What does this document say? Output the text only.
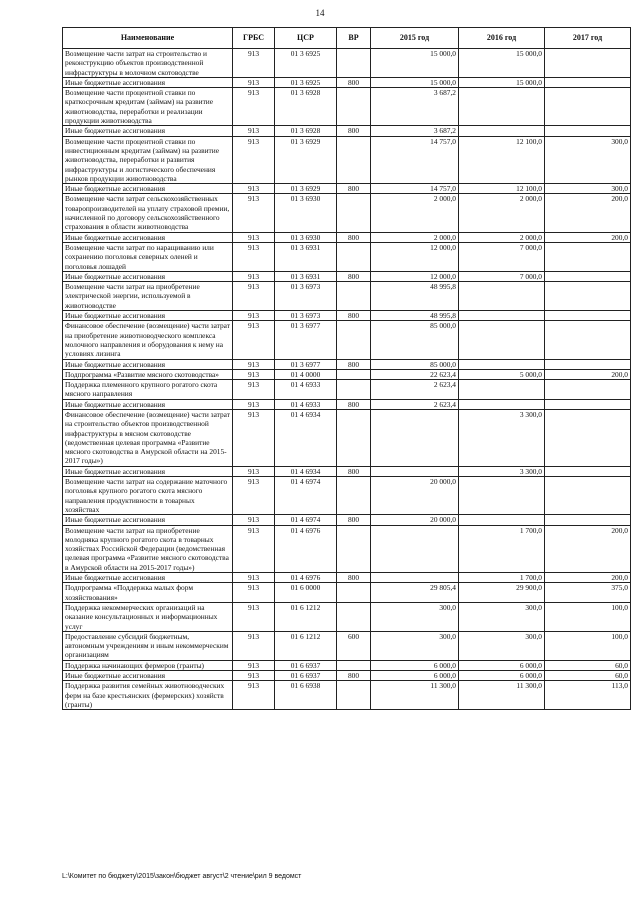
14
Наименование	ГРБС	ЦСР	ВР	2015 год	2016 год	2017 год
Возмещение части затрат на строительство и реконструкцию объектов производственной инфраструктуры в молочном скотоводстве	913	01 3 6925		15 000,0	15 000,0	
Иные бюджетные ассигнования	913	01 3 6925	800	15 000,0	15 000,0	
Возмещение части процентной ставки по краткосрочным кредитам (займам) на развитие животноводства, переработки и реализации продукции животноводства	913	01 3 6928		3 687,2		
Иные бюджетные ассигнования	913	01 3 6928	800	3 687,2		
Возмещение части процентной ставки по инвестиционным кредитам (займам) на развитие животноводства, переработки и развития инфраструктуры и логистического обеспечения рынков продукции животноводства	913	01 3 6929		14 757,0	12 100,0	300,0
Иные бюджетные ассигнования	913	01 3 6929	800	14 757,0	12 100,0	300,0
Возмещение части затрат сельскохозяйственных товаропроизводителей на уплату страховой премии, начисленной по договору сельскохозяйственного страхования в области животноводства	913	01 3 6930		2 000,0	2 000,0	200,0
Иные бюджетные ассигнования	913	01 3 6930	800	2 000,0	2 000,0	200,0
Возмещение части затрат по наращиванию или сохранению поголовья северных оленей и поголовья лошадей	913	01 3 6931		12 000,0	7 000,0	
Иные бюджетные ассигнования	913	01 3 6931	800	12 000,0	7 000,0	
Возмещение части затрат на приобретение электрической энергии, используемой в животноводстве	913	01 3 6973		48 995,8		
Иные бюджетные ассигнования	913	01 3 6973	800	48 995,8		
Финансовое обеспечение (возмещение) части затрат на приобретение животноводческого комплекса молочного направления и оборудования к нему на условиях лизинга	913	01 3 6977		85 000,0		
Иные бюджетные ассигнования	913	01 3 6977	800	85 000,0		
Подпрограмма «Развитие мясного скотоводства»	913	01 4 0000		22 623,4	5 000,0	200,0
Поддержка племенного крупного рогатого скота мясного направления	913	01 4 6933		2 623,4		
Иные бюджетные ассигнования	913	01 4 6933	800	2 623,4		
Финансовое обеспечение (возмещение) части затрат на строительство объектов производственной инфраструктуры в мясном скотоводстве (ведомственная целевая программа «Развитие мясного скотоводства в Амурской области на 2015-2017 годы»)	913	01 4 6934			3 300,0	
Иные бюджетные ассигнования	913	01 4 6934	800		3 300,0	
Возмещение части затрат на содержание маточного поголовья крупного рогатого скота мясного направления продуктивности в товарных хозяйствах	913	01 4 6974		20 000,0		
Иные бюджетные ассигнования	913	01 4 6974	800	20 000,0		
Возмещение части затрат на приобретение молодняка крупного рогатого скота в товарных хозяйствах Российской Федерации (ведомственная целевая программа «Развитие мясного скотоводства в Амурской области на 2015-2017 годы»)	913	01 4 6976			1 700,0	200,0
Иные бюджетные ассигнования	913	01 4 6976	800		1 700,0	200,0
Подпрограмма «Поддержка малых форм хозяйствования»	913	01 6 0000		29 805,4	29 900,0	375,0
Поддержка некоммерческих организаций на оказание консультационных и информационных услуг	913	01 6 1212		300,0	300,0	100,0
Предоставление субсидий бюджетным, автономным учреждениям и иным некоммерческим организациям	913	01 6 1212	600	300,0	300,0	100,0
Поддержка начинающих фермеров (гранты)	913	01 6 6937		6 000,0	6 000,0	60,0
Иные бюджетные ассигнования	913	01 6 6937	800	6 000,0	6 000,0	60,0
Поддержка развития семейных животноводческих ферм на базе крестьянских (фермерских) хозяйств (гранты)	913	01 6 6938		11 300,0	11 300,0	113,0
L:\Комитет по бюджету\2015\закон\бюджет август\2 чтение\рил 9 ведомст
